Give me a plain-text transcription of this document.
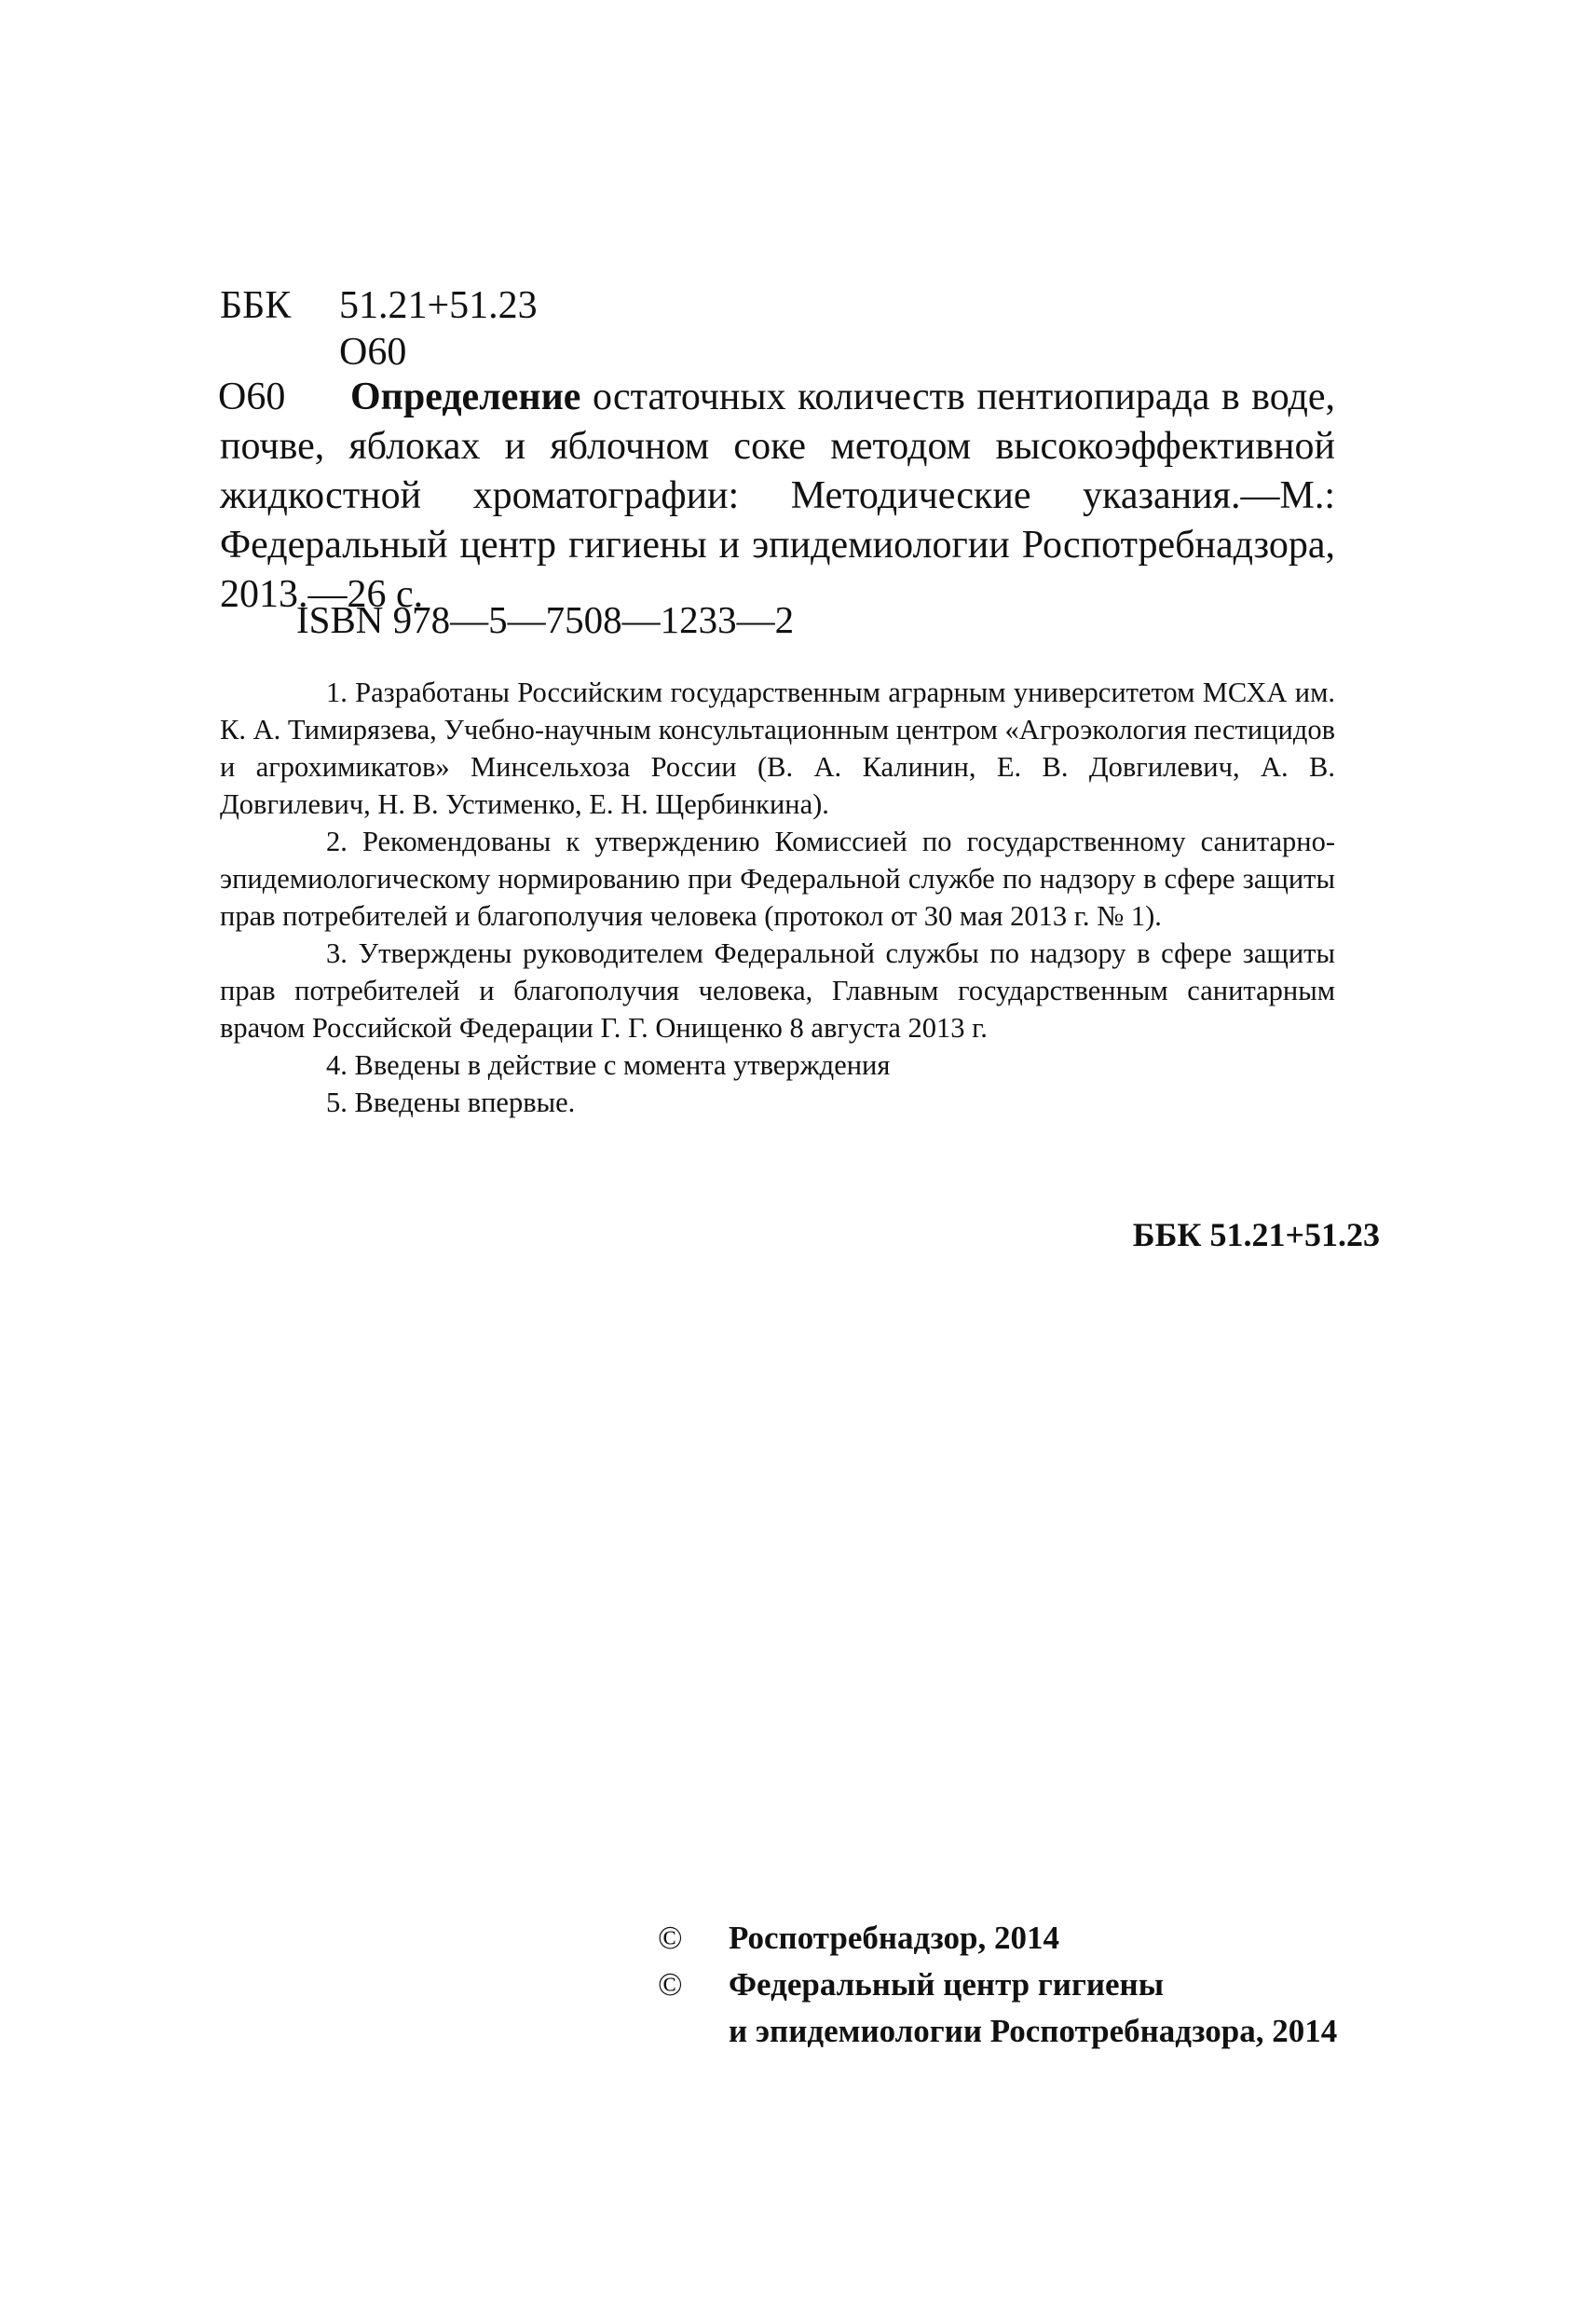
ББК 51.21+51.23
О60
О60	Определение остаточных количеств пентиопирада в воде, почве, яблоках и яблочном соке методом высокоэффективной жидкостной хроматографии: Методические указания.—М.: Федеральный центр гигиены и эпидемиологии Роспотребнадзора, 2013.—26 с.

ISBN 978—5—7508—1233—2

1. Разработаны Российским государственным аграрным университетом МСХА им. К. А. Тимирязева, Учебно-научным консультационным центром «Агроэкология пестицидов и агрохимикатов» Минсельхоза России (В. А. Калинин, Е. В. Довгилевич, А. В. Довгилевич, Н. В. Устименко, Е. Н. Щербинкина).

2. Рекомендованы к утверждению Комиссией по государственному санитарно-эпидемиологическому нормированию при Федеральной службе по надзору в сфере защиты прав потребителей и благополучия человека (протокол от 30 мая 2013 г. № 1).

3. Утверждены руководителем Федеральной службы по надзору в сфере защиты прав потребителей и благополучия человека, Главным государственным санитарным врачом Российской Федерации Г. Г. Онищенко 8 августа 2013 г.

4. Введены в действие с момента утверждения

5. Введены впервые.

ББК 51.21+51.23
©	Роспотребнадзор, 2014
©	Федеральный центр гигиены
и эпидемиологии Роспотребнадзора, 2014
